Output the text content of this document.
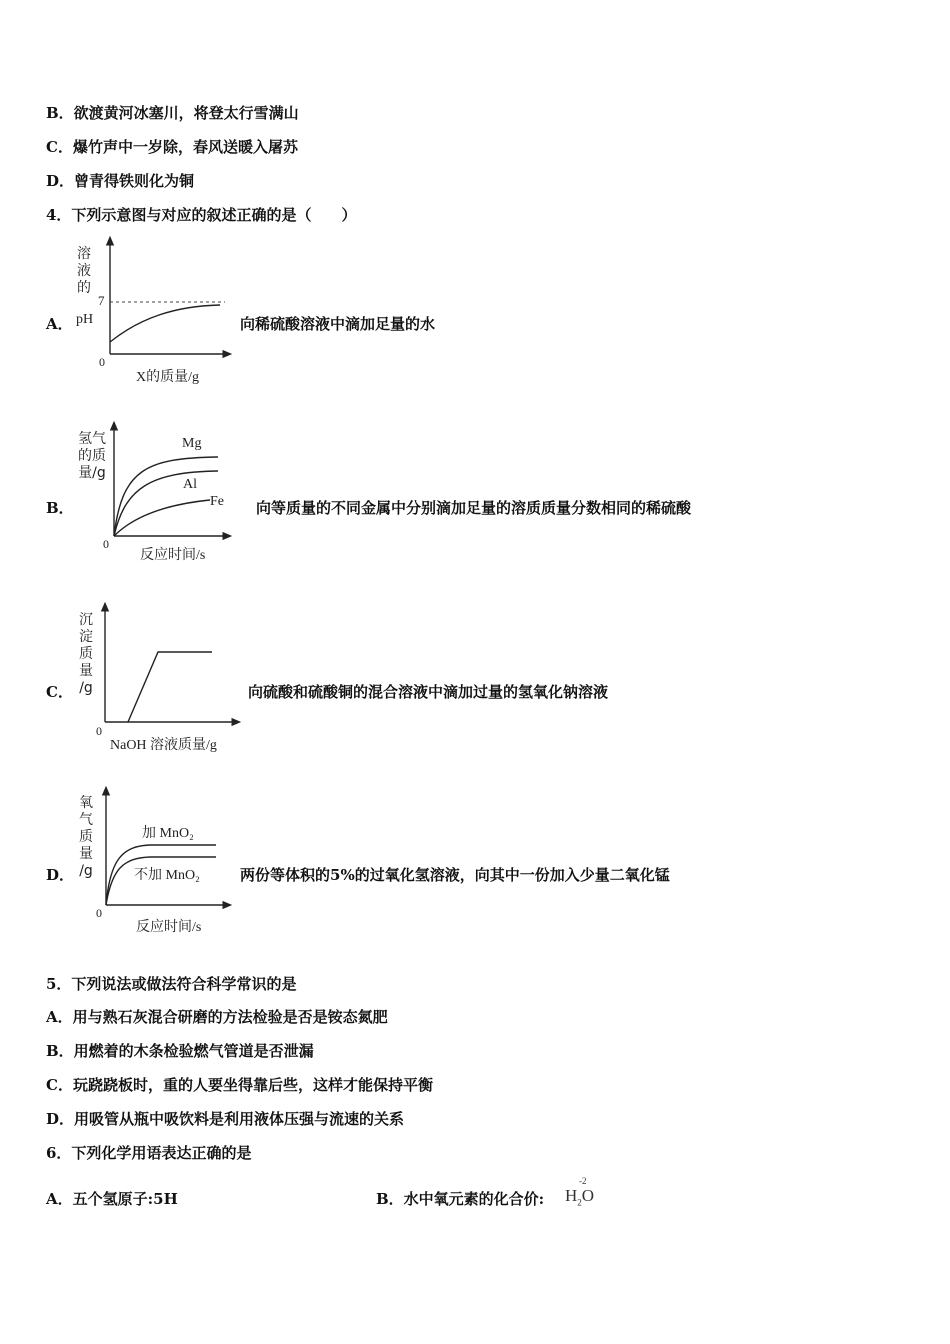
B．欲渡黄河冰塞川，将登太行雪满山
C．爆竹声中一岁除，春风送暖入屠苏
D．曾青得铁则化为铜
4．下列示意图与对应的叙述正确的是（　　）
A．
溶
液
的
pH
7
0
X的质量/g
向稀硫酸溶液中滴加足量的水
B．
氢气
的质
量/g
0
反应时间/s
Mg
Al
Fe 向等质量的不同金属中分别滴加足量的溶质质量分数相同的稀硫酸
C．
沉
淀
质
量
/g
0
NaOH 溶液质量/g
向硫酸和硫酸铜的混合溶液中滴加过量的氢氧化钠溶液
D．
氧
气
质
量
/g
0
反应时间/s
加 MnO₂
不加 MnO₂	两份等体积的5%的过氧化氢溶液，向其中一份加入少量二氧化锰
5．下列说法或做法符合科学常识的是
A．用与熟石灰混合研磨的方法检验是否是铵态氮肥
B．用燃着的木条检验燃气管道是否泄漏
C．玩跷跷板时，重的人要坐得靠后些，这样才能保持平衡
D．用吸管从瓶中吸饮料是利用液体压强与流速的关系
6．下列化学用语表达正确的是
A．五个氢原子:5H	B．水中氧元素的化合价:
-2
$H_2O$
